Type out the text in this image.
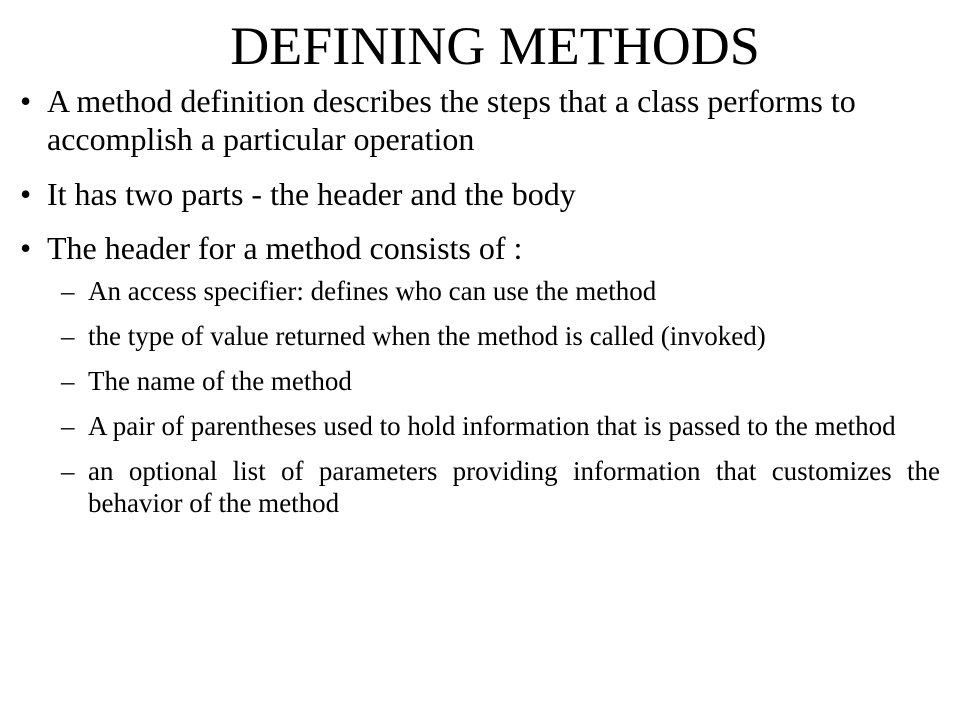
DEFINING METHODS
• A method definition describes the steps that a class performs to accomplish a particular operation
• It has two parts - the header and the body
• The header for a method consists of :
– An access specifier: defines who can use the method
– the type of value returned when the method is called (invoked)
– The name of the method
– A pair of parentheses used to hold information that is passed to the method
– an optional list of parameters providing information that customizes the behavior of the method
